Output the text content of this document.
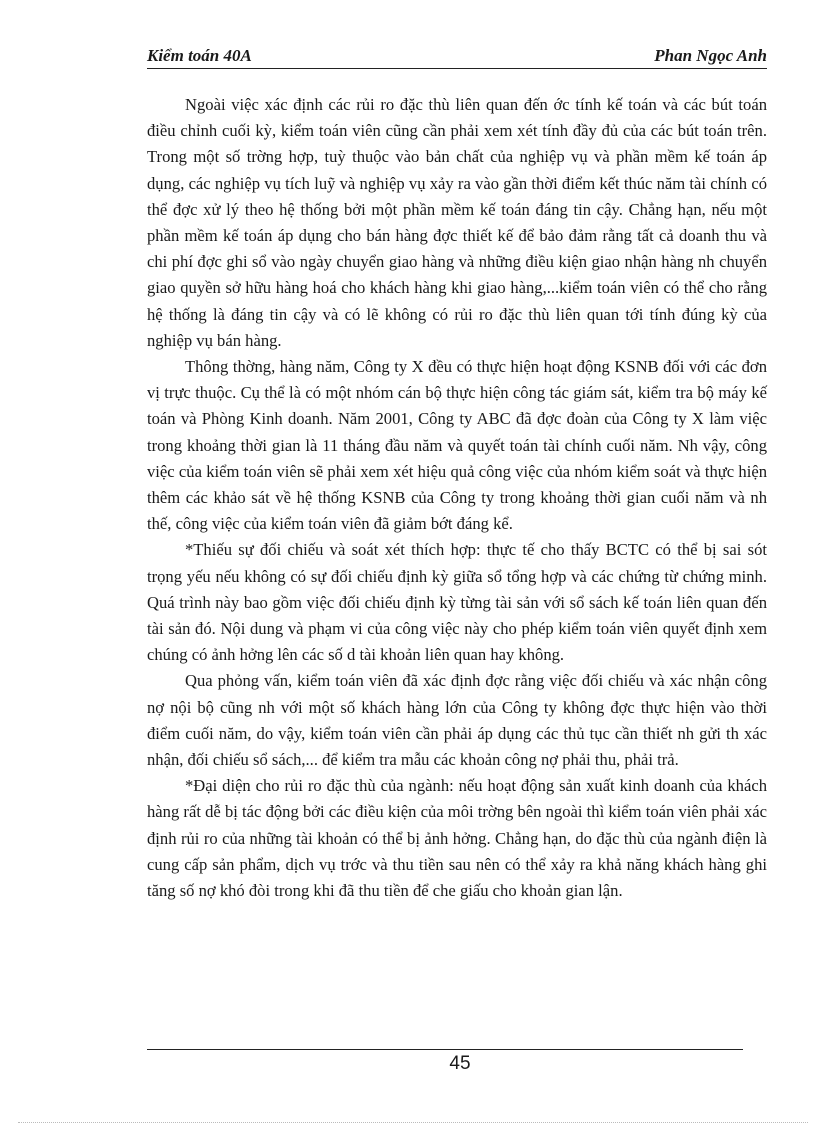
Kiểm toán 40A	Phan Ngọc Anh

Ngoài việc xác định các rủi ro đặc thù liên quan đến ớc tính kế toán và các bút toán điều chỉnh cuối kỳ, kiểm toán viên cũng cần phải xem xét tính đầy đủ của các bút toán trên. Trong một số trờng hợp, tuỳ thuộc vào bản chất của nghiệp vụ và phần mềm kế toán áp dụng, các nghiệp vụ tích luỹ và nghiệp vụ xảy ra vào gần thời điểm kết thúc năm tài chính có thể đợc xử lý theo hệ thống bởi một phần mềm kế toán đáng tin cậy. Chẳng hạn, nếu một phần mềm kế toán áp dụng cho bán hàng đợc thiết kế để bảo đảm rằng tất cả doanh thu và chi phí đợc ghi sổ vào ngày chuyển giao hàng và những điều kiện giao nhận hàng nh chuyển giao quyền sở hữu hàng hoá cho khách hàng khi giao hàng,...kiểm toán viên có thể cho rằng hệ thống là đáng tin cậy và có lẽ không có rủi ro đặc thù liên quan tới tính đúng kỳ của nghiệp vụ bán hàng.

Thông thờng, hàng năm, Công ty X đều có thực hiện hoạt động KSNB đối với các đơn vị trực thuộc. Cụ thể là có một nhóm cán bộ thực hiện công tác giám sát, kiểm tra bộ máy kế toán và Phòng Kinh doanh. Năm 2001, Công ty ABC đã đợc đoàn của Công ty X làm việc trong khoảng thời gian là 11 tháng đầu năm và quyết toán tài chính cuối năm. Nh vậy, công việc của kiểm toán viên sẽ phải xem xét hiệu quả công việc của nhóm kiểm soát và thực hiện thêm các khảo sát về hệ thống KSNB của Công ty trong khoảng thời gian cuối năm và nh thế, công việc của kiểm toán viên đã giảm bớt đáng kể.

*Thiếu sự đối chiếu và soát xét thích hợp: thực tế cho thấy BCTC có thể bị sai sót trọng yếu nếu không có sự đối chiếu định kỳ giữa sổ tổng hợp và các chứng từ chứng minh. Quá trình này bao gồm việc đối chiếu định kỳ từng tài sản với sổ sách kế toán liên quan đến tài sản đó. Nội dung và phạm vi của công việc này cho phép kiểm toán viên quyết định xem chúng có ảnh hởng lên các số d tài khoản liên quan hay không.

Qua phỏng vấn, kiểm toán viên đã xác định đợc rằng việc đối chiếu và xác nhận công nợ nội bộ cũng nh với một số khách hàng lớn của Công ty không đợc thực hiện vào thời điểm cuối năm, do vậy, kiểm toán viên cần phải áp dụng các thủ tục cần thiết nh gửi th xác nhận, đối chiếu sổ sách,... để kiểm tra mẫu các khoản công nợ phải thu, phải trả.

*Đại diện cho rủi ro đặc thù của ngành: nếu hoạt động sản xuất kinh doanh của khách hàng rất dễ bị tác động bởi các điều kiện của môi trờng bên ngoài thì kiểm toán viên phải xác định rủi ro của những tài khoản có thể bị ảnh hởng. Chẳng hạn, do đặc thù của ngành điện là cung cấp sản phẩm, dịch vụ trớc và thu tiền sau nên có thể xảy ra khả năng khách hàng ghi tăng số nợ khó đòi trong khi đã thu tiền để che giấu cho khoản gian lận.

45
